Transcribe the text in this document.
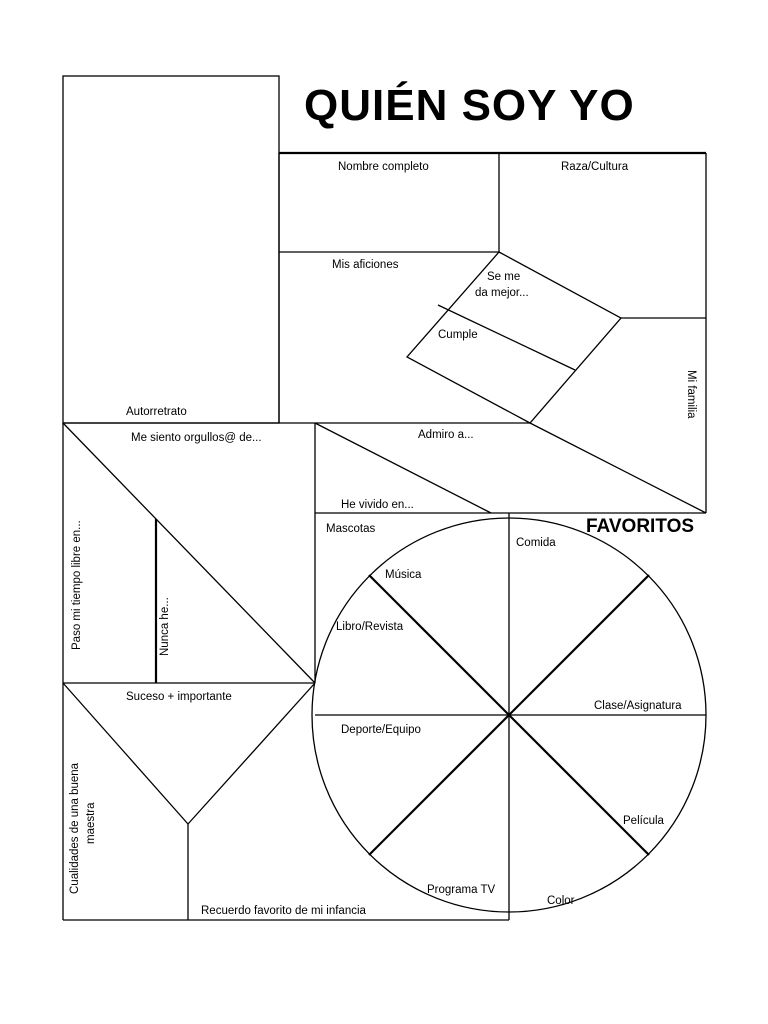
QUIÉN SOY YO
Autorretrato
Nombre completo	Raza/Cultura
Mis aficiones
Se me
da mejor...
Cumple
Mi familia
Me siento orgullos@ de...	Admiro a...
He vivido en...
Paso mi tiempo libre en...	Nunca he...
Mascotas
Suceso + importante
Cualidades de una buena maestra
Recuerdo favorito de mi infancia
FAVORITOS
Comida
Música
Libro/Revista
Clase/Asignatura
Deporte/Equipo
Película
Programa TV
Color
